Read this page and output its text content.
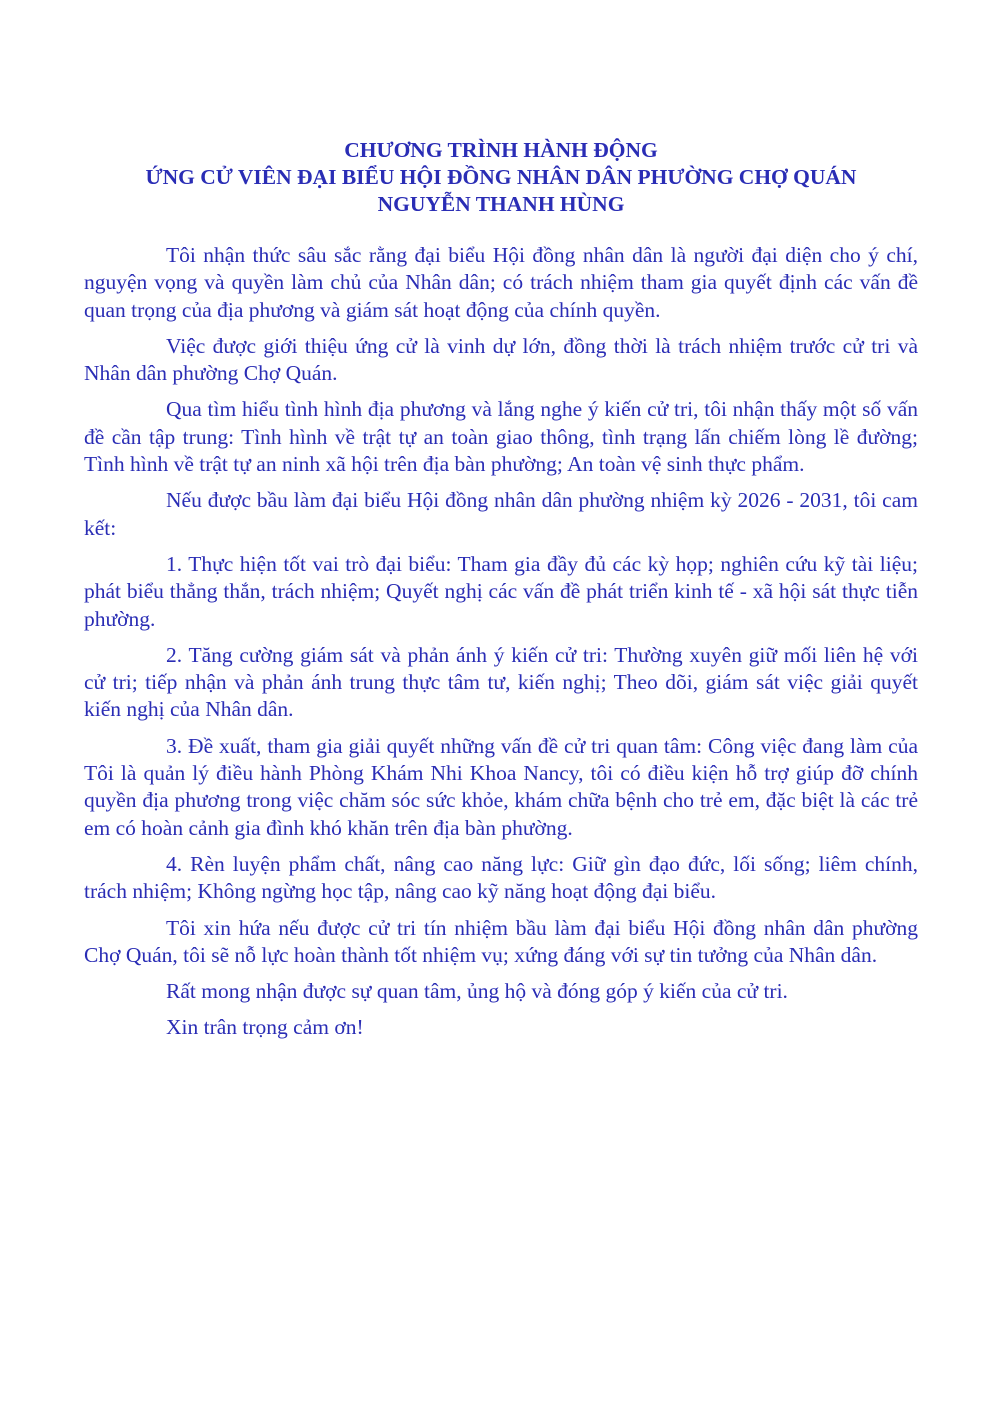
CHƯƠNG TRÌNH HÀNH ĐỘNG
ỨNG CỬ VIÊN ĐẠI BIỂU HỘI ĐỒNG NHÂN DÂN PHƯỜNG CHỢ QUÁN
NGUYỄN THANH HÙNG

Tôi nhận thức sâu sắc rằng đại biểu Hội đồng nhân dân là người đại diện cho ý chí, nguyện vọng và quyền làm chủ của Nhân dân; có trách nhiệm tham gia quyết định các vấn đề quan trọng của địa phương và giám sát hoạt động của chính quyền.

Việc được giới thiệu ứng cử là vinh dự lớn, đồng thời là trách nhiệm trước cử tri và Nhân dân phường Chợ Quán.

Qua tìm hiểu tình hình địa phương và lắng nghe ý kiến cử tri, tôi nhận thấy một số vấn đề cần tập trung: Tình hình về trật tự an toàn giao thông, tình trạng lấn chiếm lòng lề đường; Tình hình về trật tự an ninh xã hội trên địa bàn phường; An toàn vệ sinh thực phẩm.

Nếu được bầu làm đại biểu Hội đồng nhân dân phường nhiệm kỳ 2026 - 2031, tôi cam kết:

1. Thực hiện tốt vai trò đại biểu: Tham gia đầy đủ các kỳ họp; nghiên cứu kỹ tài liệu; phát biểu thẳng thắn, trách nhiệm; Quyết nghị các vấn đề phát triển kinh tế - xã hội sát thực tiễn phường.

2. Tăng cường giám sát và phản ánh ý kiến cử tri: Thường xuyên giữ mối liên hệ với cử tri; tiếp nhận và phản ánh trung thực tâm tư, kiến nghị; Theo dõi, giám sát việc giải quyết kiến nghị của Nhân dân.

3. Đề xuất, tham gia giải quyết những vấn đề cử tri quan tâm: Công việc đang làm của Tôi là quản lý điều hành Phòng Khám Nhi Khoa Nancy, tôi có điều kiện hỗ trợ giúp đỡ chính quyền địa phương trong việc chăm sóc sức khỏe, khám chữa bệnh cho trẻ em, đặc biệt là các trẻ em có hoàn cảnh gia đình khó khăn trên địa bàn phường.

4. Rèn luyện phẩm chất, nâng cao năng lực: Giữ gìn đạo đức, lối sống; liêm chính, trách nhiệm; Không ngừng học tập, nâng cao kỹ năng hoạt động đại biểu.

Tôi xin hứa nếu được cử tri tín nhiệm bầu làm đại biểu Hội đồng nhân dân phường Chợ Quán, tôi sẽ nỗ lực hoàn thành tốt nhiệm vụ; xứng đáng với sự tin tưởng của Nhân dân.

Rất mong nhận được sự quan tâm, ủng hộ và đóng góp ý kiến của cử tri.

Xin trân trọng cảm ơn!
